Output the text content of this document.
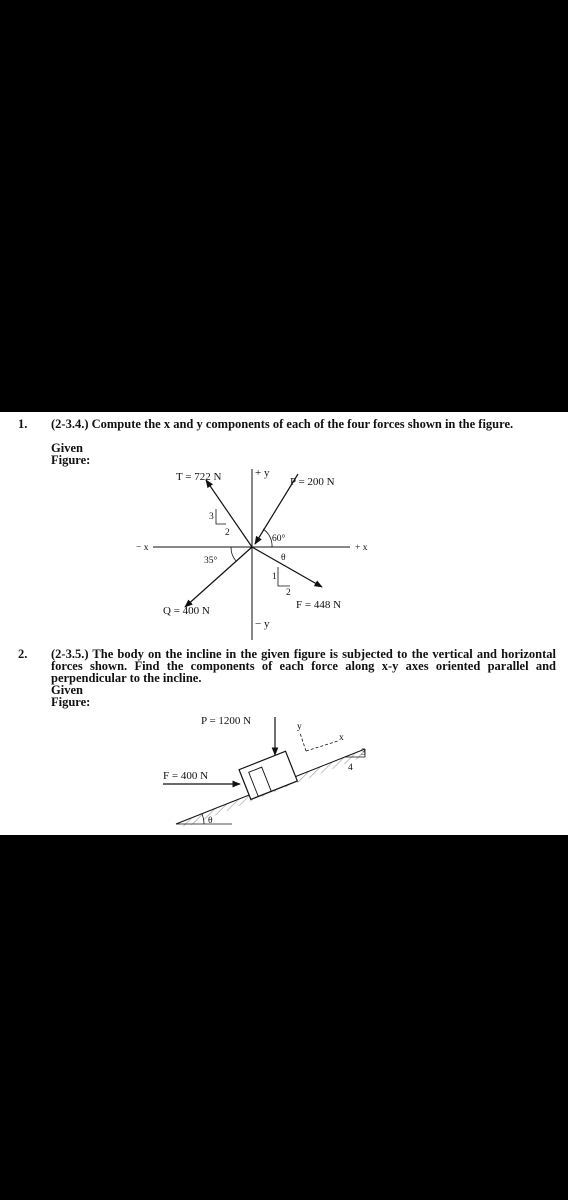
1. (2-3.4.) Compute the x and y components of each of the four forces shown in the figure.
Given Figure:
− x	+ x
+ y
− y
T = 722 N
3
2
P = 200 N
60°
Q = 400 N
35°
F = 448 N
1
2
θ
2. (2-3.5.) The body on the incline in the given figure is subjected to the vertical and horizontal forces shown. Find the components of each force along x-y axes oriented parallel and perpendicular to the incline.
Given Figure:
θ
P = 1200 N
F = 400 N
y
x
3
4
